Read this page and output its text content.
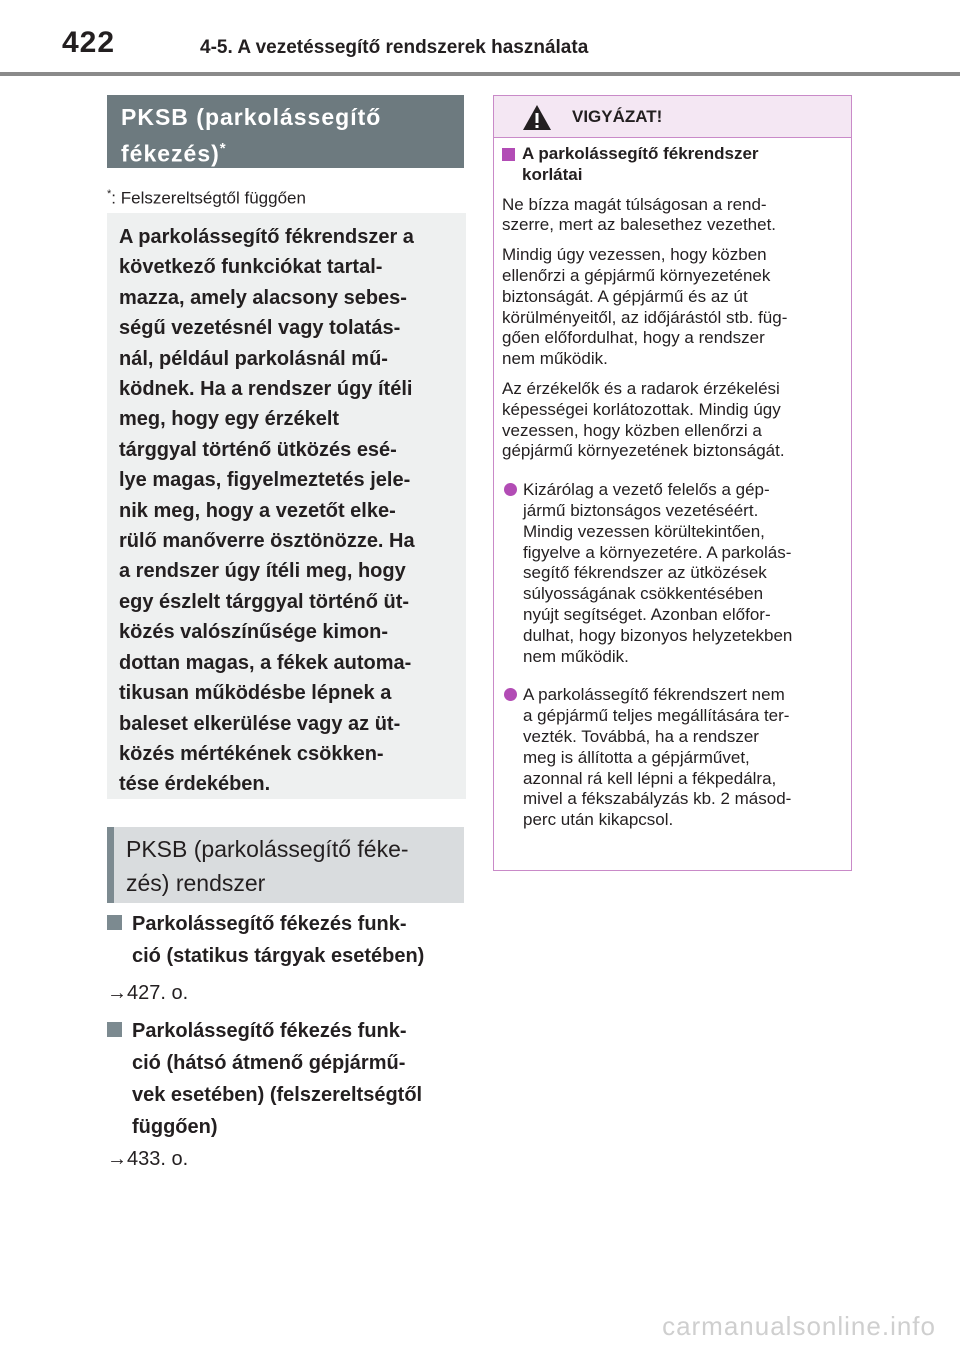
422	4-5. A vezetéssegítő rendszerek használata
PKSB (parkolássegítő
fékezés)*
*: Felszereltségtől függően
A parkolássegítő fékrendszer a
következő funkciókat tartal-
mazza, amely alacsony sebes-
ségű vezetésnél vagy tolatás-
nál, például parkolásnál mű-
ködnek. Ha a rendszer úgy ítéli
meg, hogy egy érzékelt
tárggyal történő ütközés esé-
lye magas, figyelmeztetés jele-
nik meg, hogy a vezetőt elke-
rülő manőverre ösztönözze. Ha
a rendszer úgy ítéli meg, hogy
egy észlelt tárggyal történő üt-
közés valószínűsége kimon-
dottan magas, a fékek automa-
tikusan működésbe lépnek a
baleset elkerülése vagy az üt-
közés mértékének csökken-
tése érdekében.
PKSB (parkolássegítő féke-
zés) rendszer
Parkolássegítő fékezés funk-
ció (statikus tárgyak esetében)
→427. o.
Parkolássegítő fékezés funk-
ció (hátsó átmenő gépjármű-
vek esetében) (felszereltségtől
függően)
→433. o.
VIGYÁZAT!
A parkolássegítő fékrendszer
korlátai
Ne bízza magát túlságosan a rend-
szerre, mert az balesethez vezethet.
Mindig úgy vezessen, hogy közben
ellenőrzi a gépjármű környezetének
biztonságát. A gépjármű és az út
körülményeitől, az időjárástól stb. füg-
gően előfordulhat, hogy a rendszer
nem működik.
Az érzékelők és a radarok érzékelési
képességei korlátozottak. Mindig úgy
vezessen, hogy közben ellenőrzi a
gépjármű környezetének biztonságát.
Kizárólag a vezető felelős a gép-
jármű biztonságos vezetéséért.
Mindig vezessen körültekintően,
figyelve a környezetére. A parkolás-
segítő fékrendszer az ütközések
súlyosságának csökkentésében
nyújt segítséget. Azonban előfor-
dulhat, hogy bizonyos helyzetekben
nem működik.
A parkolássegítő fékrendszert nem
a gépjármű teljes megállítására ter-
vezték. Továbbá, ha a rendszer
meg is állította a gépjárművet,
azonnal rá kell lépni a fékpedálra,
mivel a fékszabályzás kb. 2 másod-
perc után kikapcsol.
carmanualsonline.info
